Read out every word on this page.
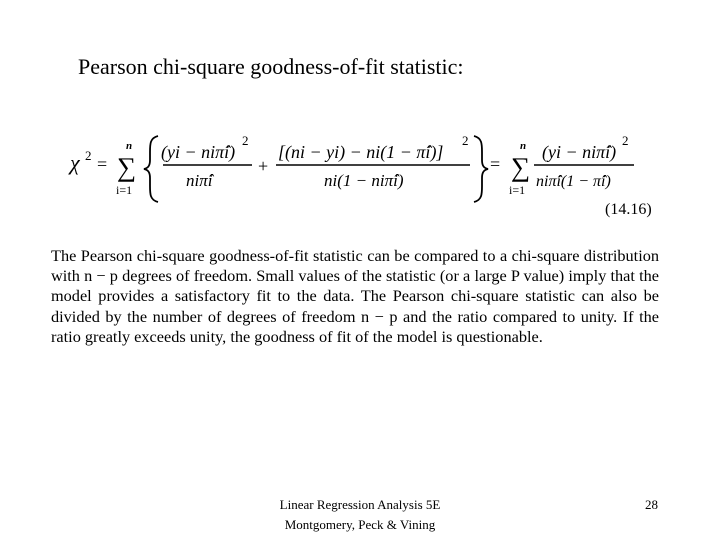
Pearson chi-square goodness-of-fit statistic:
χ 2 =
n
∑
i=1
(yi − niπ̂i)
2
niπ̂i
+
[(ni − yi) − ni(1 − π̂i)]
2
ni(1 − niπ̂i)
=
n
∑
i=1
(yi − niπ̂i)
2
niπ̂i(1 − π̂i)
(14.16)
The Pearson chi-square goodness-of-fit statistic can be compared to a chi-square distribution with n − p degrees of freedom. Small values of the statistic (or a large P value) imply that the model provides a satisfactory fit to the data. The Pearson chi-square statistic can also be divided by the number of degrees of freedom n − p and the ratio compared to unity. If the ratio greatly exceeds unity, the goodness of fit of the model is questionable.
Linear Regression Analysis 5E
Montgomery, Peck & Vining
28
